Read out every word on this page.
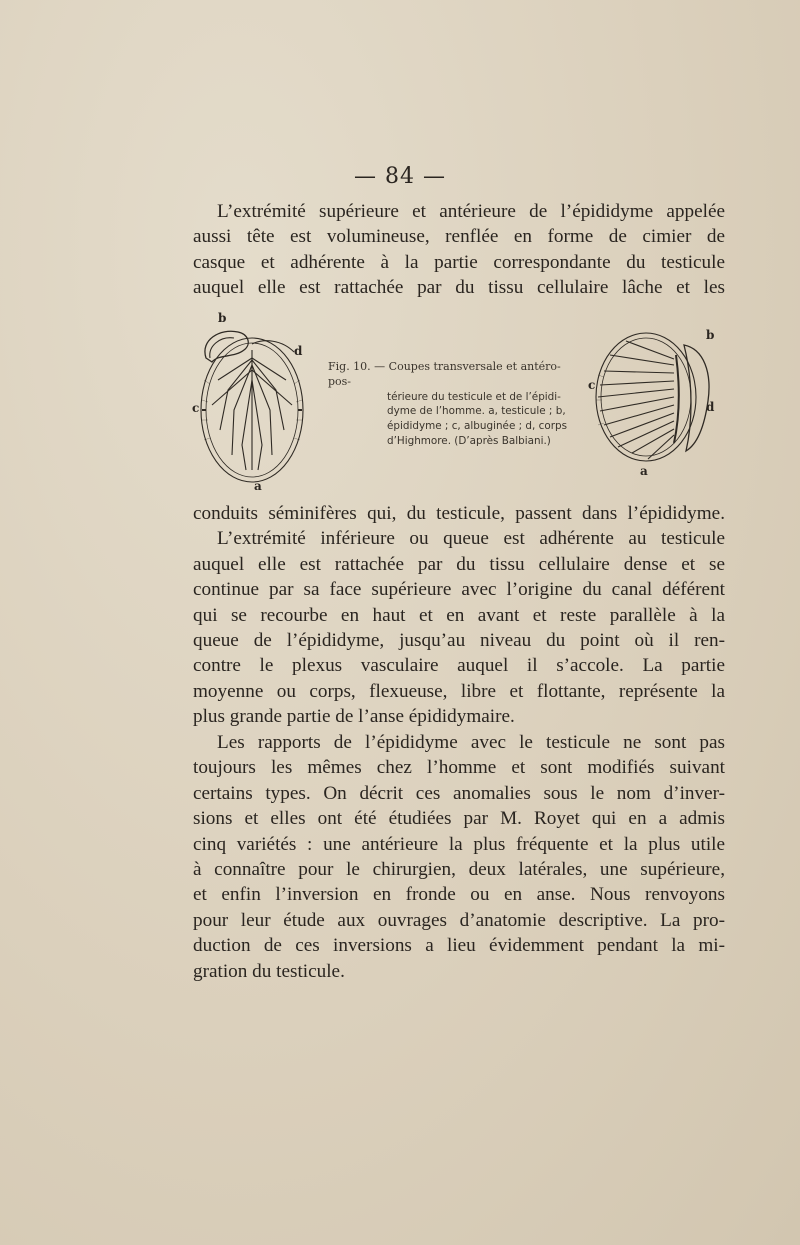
— 84 —

L’extrémité supérieure et antérieure de l’épididyme appelée
aussi tête est volumineuse, renflée en forme de cimier de
casque et adhérente à la partie correspondante du testicule
auquel elle est rattachée par du tissu cellulaire lâche et les

b
d
c
a
Fig. 10. — Coupes transversale et antéro-pos-
térieure du testicule et de l’épidi-
dyme de l’homme. a, testicule ; b,
épididyme ; c, albuginée ; d, corps
d’Highmore. (D’après Balbiani.)
b
c
d
a

conduits séminifères qui, du testicule, passent dans l’épididyme.
L’extrémité inférieure ou queue est adhérente au testicule
auquel elle est rattachée par du tissu cellulaire dense et se
continue par sa face supérieure avec l’origine du canal déférent
qui se recourbe en haut et en avant et reste parallèle à la
queue de l’épididyme, jusqu’au niveau du point où il ren-
contre le plexus vasculaire auquel il s’accole. La partie
moyenne ou corps, flexueuse, libre et flottante, représente la
plus grande partie de l’anse épididymaire.

Les rapports de l’épididyme avec le testicule ne sont pas
toujours les mêmes chez l’homme et sont modifiés suivant
certains types. On décrit ces anomalies sous le nom d’inver-
sions et elles ont été étudiées par M. Royet qui en a admis
cinq variétés : une antérieure la plus fréquente et la plus utile
à connaître pour le chirurgien, deux latérales, une supérieure,
et enfin l’inversion en fronde ou en anse. Nous renvoyons
pour leur étude aux ouvrages d’anatomie descriptive. La pro-
duction de ces inversions a lieu évidemment pendant la mi-
gration du testicule.
